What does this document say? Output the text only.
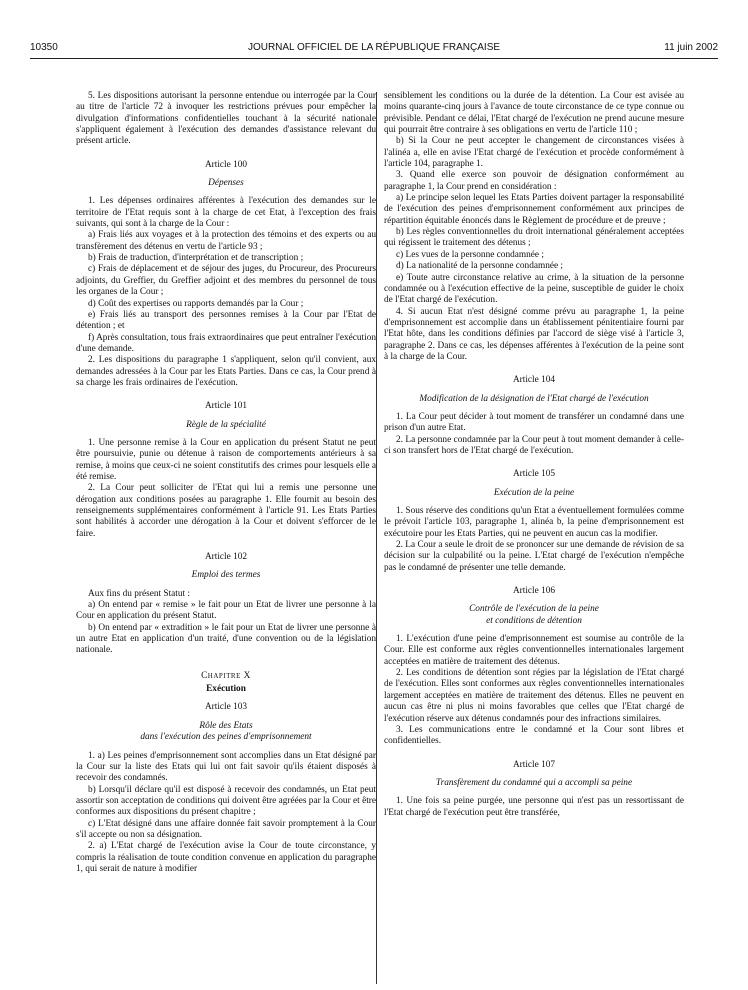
10350	JOURNAL OFFICIEL DE LA RÉPUBLIQUE FRANÇAISE	11 juin 2002

5. Les dispositions autorisant la personne entendue ou interrogée par la Cour au titre de l'article 72 à invoquer les restrictions prévues pour empêcher la divulgation d'informations confidentielles touchant à la sécurité nationale s'appliquent également à l'exécution des demandes d'assistance relevant du présent article.

Article 100
Dépenses

1. Les dépenses ordinaires afférentes à l'exécution des demandes sur le territoire de l'Etat requis sont à la charge de cet Etat, à l'exception des frais suivants, qui sont à la charge de la Cour :

a) Frais liés aux voyages et à la protection des témoins et des experts ou au transfèrement des détenus en vertu de l'article 93 ;

b) Frais de traduction, d'interprétation et de transcription ;

c) Frais de déplacement et de séjour des juges, du Procureur, des Procureurs adjoints, du Greffier, du Greffier adjoint et des membres du personnel de tous les organes de la Cour ;

d) Coût des expertises ou rapports demandés par la Cour ;

e) Frais liés au transport des personnes remises à la Cour par l'Etat de détention ; et

f) Après consultation, tous frais extraordinaires que peut entraîner l'exécution d'une demande.

2. Les dispositions du paragraphe 1 s'appliquent, selon qu'il convient, aux demandes adressées à la Cour par les Etats Parties. Dans ce cas, la Cour prend à sa charge les frais ordinaires de l'exécution.

Article 101
Règle de la spécialité

1. Une personne remise à la Cour en application du présent Statut ne peut être poursuivie, punie ou détenue à raison de comportements antérieurs à sa remise, à moins que ceux-ci ne soient constitutifs des crimes pour lesquels elle a été remise.

2. La Cour peut solliciter de l'Etat qui lui a remis une personne une dérogation aux conditions posées au paragraphe 1. Elle fournit au besoin des renseignements supplémentaires conformément à l'article 91. Les Etats Parties sont habilités à accorder une dérogation à la Cour et doivent s'efforcer de le faire.

Article 102
Emploi des termes

Aux fins du présent Statut :

a) On entend par « remise » le fait pour un Etat de livrer une personne à la Cour en application du présent Statut.

b) On entend par « extradition » le fait pour un Etat de livrer une personne à un autre Etat en application d'un traité, d'une convention ou de la législation nationale.

Chapitre X
Exécution
Article 103
Rôle des Etats
dans l'exécution des peines d'emprisonnement

1. a) Les peines d'emprisonnement sont accomplies dans un Etat désigné par la Cour sur la liste des Etats qui lui ont fait savoir qu'ils étaient disposés à recevoir des condamnés.

b) Lorsqu'il déclare qu'il est disposé à recevoir des condamnés, un Etat peut assortir son acceptation de conditions qui doivent être agréées par la Cour et être conformes aux dispositions du présent chapitre ;

c) L'Etat désigné dans une affaire donnée fait savoir promptement à la Cour s'il accepte ou non sa désignation.

2. a) L'Etat chargé de l'exécution avise la Cour de toute circonstance, y compris la réalisation de toute condition convenue en application du paragraphe 1, qui serait de nature à modifier

sensiblement les conditions ou la durée de la détention. La Cour est avisée au moins quarante-cinq jours à l'avance de toute circonstance de ce type connue ou prévisible. Pendant ce délai, l'Etat chargé de l'exécution ne prend aucune mesure qui pourrait être contraire à ses obligations en vertu de l'article 110 ;

b) Si la Cour ne peut accepter le changement de circonstances visées à l'alinéa a, elle en avise l'Etat chargé de l'exécution et procède conformément à l'article 104, paragraphe 1.

3. Quand elle exerce son pouvoir de désignation conformément au paragraphe 1, la Cour prend en considération :

a) Le principe selon lequel les Etats Parties doivent partager la responsabilité de l'exécution des peines d'emprisonnement conformément aux principes de répartition équitable énoncés dans le Règlement de procédure et de preuve ;

b) Les règles conventionnelles du droit international généralement acceptées qui régissent le traitement des détenus ;

c) Les vues de la personne condamnée ;

d) La nationalité de la personne condamnée ;

e) Toute autre circonstance relative au crime, à la situation de la personne condamnée ou à l'exécution effective de la peine, susceptible de guider le choix de l'Etat chargé de l'exécution.

4. Si aucun Etat n'est désigné comme prévu au paragraphe 1, la peine d'emprisonnement est accomplie dans un établissement pénitentiaire fourni par l'Etat hôte, dans les conditions définies par l'accord de siège visé à l'article 3, paragraphe 2. Dans ce cas, les dépenses afférentes à l'exécution de la peine sont à la charge de la Cour.

Article 104
Modification de la désignation de l'Etat chargé de l'exécution

1. La Cour peut décider à tout moment de transférer un condamné dans une prison d'un autre Etat.

2. La personne condamnée par la Cour peut à tout moment demander à celle-ci son transfert hors de l'Etat chargé de l'exécution.

Article 105
Exécution de la peine

1. Sous réserve des conditions qu'un Etat a éventuellement formulées comme le prévoit l'article 103, paragraphe 1, alinéa b, la peine d'emprisonnement est exécutoire pour les Etats Parties, qui ne peuvent en aucun cas la modifier.

2. La Cour a seule le droit de se prononcer sur une demande de révision de sa décision sur la culpabilité ou la peine. L'Etat chargé de l'exécution n'empêche pas le condamné de présenter une telle demande.

Article 106
Contrôle de l'exécution de la peine
et conditions de détention

1. L'exécution d'une peine d'emprisonnement est soumise au contrôle de la Cour. Elle est conforme aux règles conventionnelles internationales largement acceptées en matière de traitement des détenus.

2. Les conditions de détention sont régies par la législation de l'Etat chargé de l'exécution. Elles sont conformes aux règles conventionnelles internationales largement acceptées en matière de traitement des détenus. Elles ne peuvent en aucun cas être ni plus ni moins favorables que celles que l'Etat chargé de l'exécution réserve aux détenus condamnés pour des infractions similaires.

3. Les communications entre le condamné et la Cour sont libres et confidentielles.

Article 107
Transfèrement du condamné qui a accompli sa peine

1. Une fois sa peine purgée, une personne qui n'est pas un ressortissant de l'Etat chargé de l'exécution peut être transférée,
